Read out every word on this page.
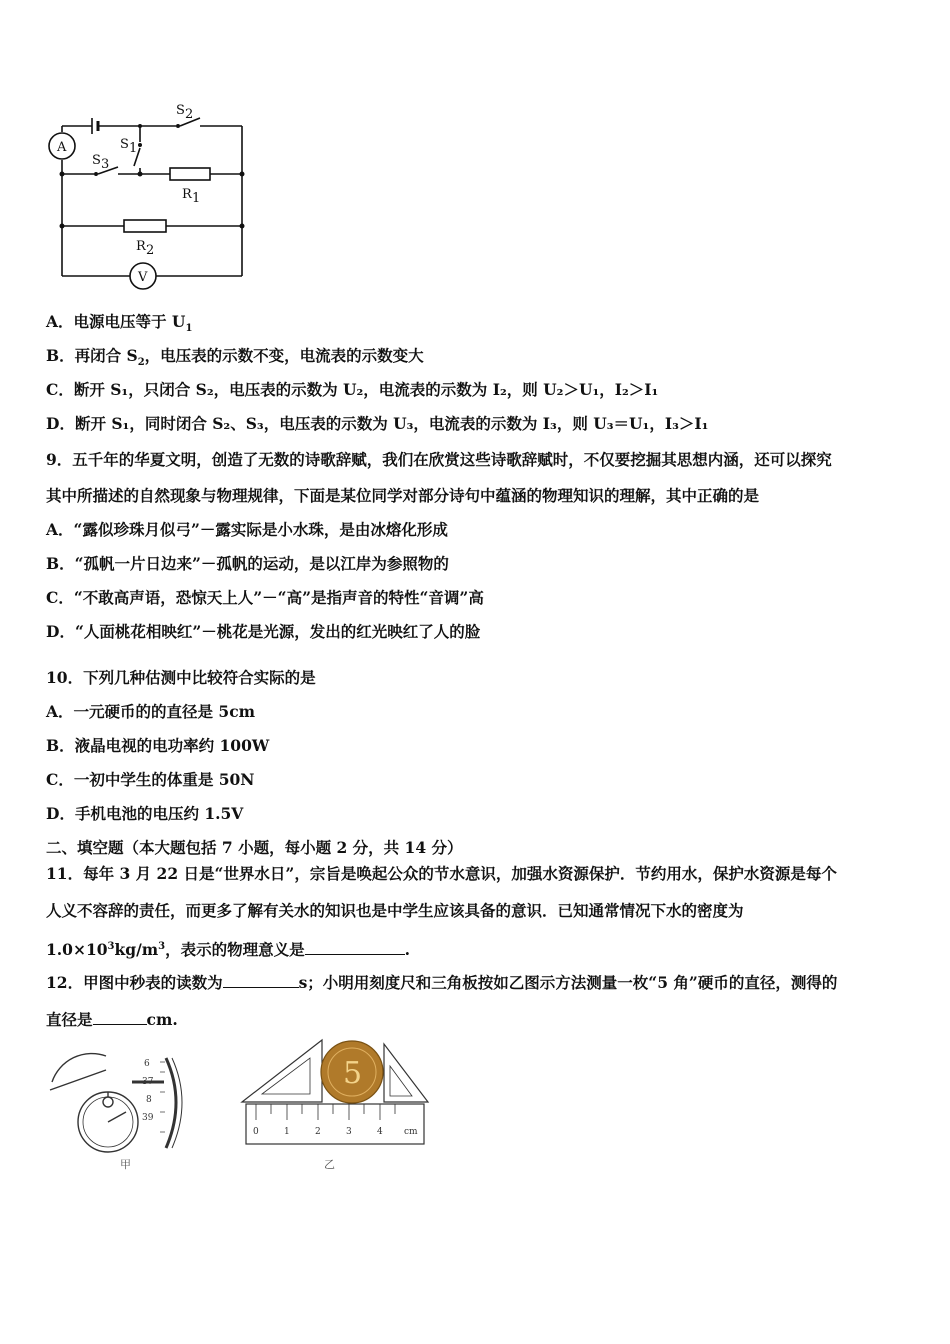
A
V
S 2
S 1
S 3
R 1
R 2
A．电源电压等于 $U_1$
B．再闭合 $S_2$，电压表的示数不变，电流表的示数变大
C．断开 S₁，只闭合 S₂，电压表的示数为 U₂，电流表的示数为 I₂，则 U₂＞U₁，I₂＞I₁
D．断开 S₁，同时闭合 S₂、S₃，电压表的示数为 U₃，电流表的示数为 I₃，则 U₃＝U₁，I₃＞I₁
9．五千年的华夏文明，创造了无数的诗歌辞赋，我们在欣赏这些诗歌辞赋时，不仅要挖掘其思想内涵，还可以探究
其中所描述的自然现象与物理规律，下面是某位同学对部分诗句中蕴涵的物理知识的理解，其中正确的是
A．“露似珍珠月似弓”－露实际是小水珠，是由冰熔化形成
B．“孤帆一片日边来”－孤帆的运动，是以江岸为参照物的
C．“不敢高声语，恐惊天上人”－“高”是指声音的特性“音调”高
D．“人面桃花相映红”－桃花是光源，发出的红光映红了人的脸
10．下列几种估测中比较符合实际的是
A．一元硬币的的直径是 5cm
B．液晶电视的电功率约 100W
C．一初中学生的体重是 50N
D．手机电池的电压约 1.5V
二、填空题（本大题包括 7 小题，每小题 2 分，共 14 分）
11．每年 3 月 22 日是“世界水日”，宗旨是唤起公众的节水意识，加强水资源保护．节约用水，保护水资源是每个
人义不容辞的责任，而更多了解有关水的知识也是中学生应该具备的意识．已知通常情况下水的密度为
$1.0\times 10^3kg/m^3$，表示的物理意义是	.
12．甲图中秒表的读数为	s；小明用刻度尺和三角板按如乙图示方法测量一枚“5 角”硬币的直径，测得的
直径是	cm.
6
37
8
39
甲
5
0	1	2	3	4 cm
乙
